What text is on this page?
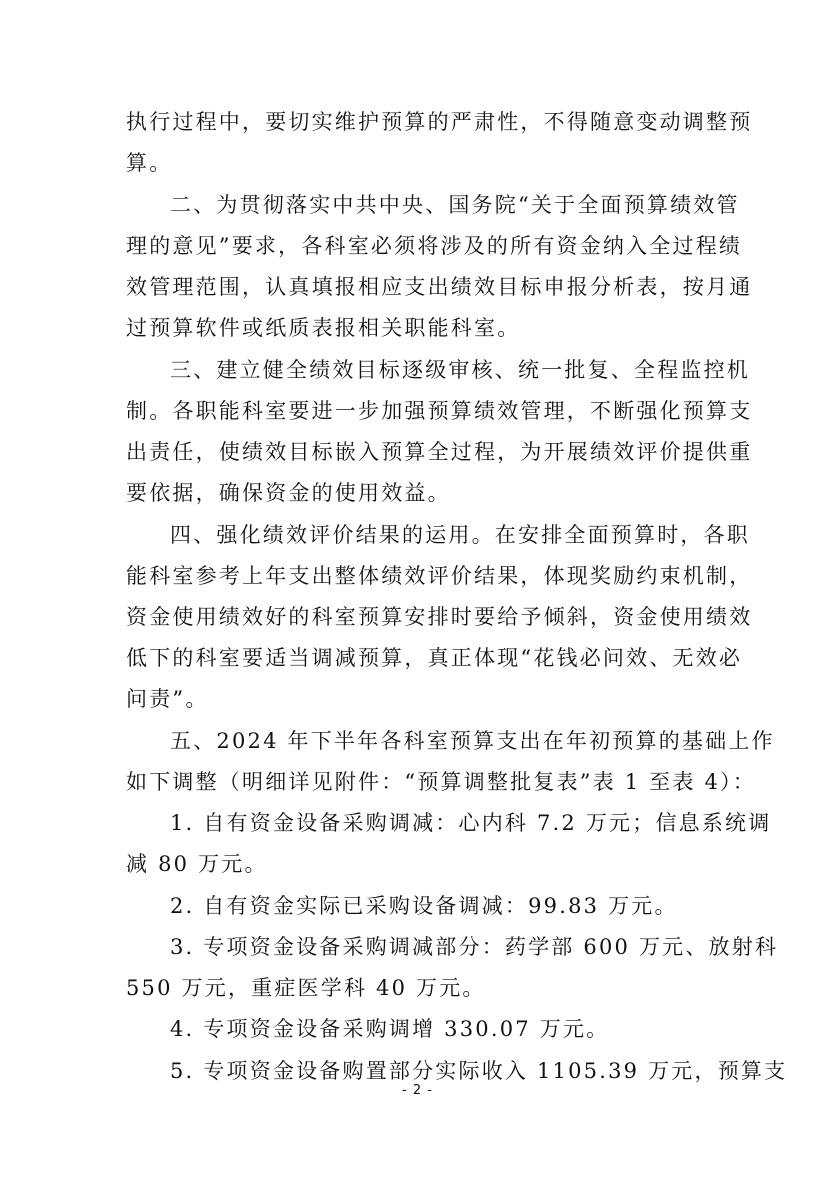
执行过程中，要切实维护预算的严肃性，不得随意变动调整预
算。
二、为贯彻落实中共中央、国务院“关于全面预算绩效管
理的意见”要求，各科室必须将涉及的所有资金纳入全过程绩
效管理范围，认真填报相应支出绩效目标申报分析表，按月通
过预算软件或纸质表报相关职能科室。
三、建立健全绩效目标逐级审核、统一批复、全程监控机
制。各职能科室要进一步加强预算绩效管理，不断强化预算支
出责任，使绩效目标嵌入预算全过程，为开展绩效评价提供重
要依据，确保资金的使用效益。
四、强化绩效评价结果的运用。在安排全面预算时，各职
能科室参考上年支出整体绩效评价结果，体现奖励约束机制，
资金使用绩效好的科室预算安排时要给予倾斜，资金使用绩效
低下的科室要适当调减预算，真正体现“花钱必问效、无效必
问责”。
五、2024 年下半年各科室预算支出在年初预算的基础上作
如下调整（明细详见附件：“预算调整批复表”表 1 至表 4）：
1. 自有资金设备采购调减：心内科 7.2 万元；信息系统调
减 80 万元。
2. 自有资金实际已采购设备调减：99.83 万元。
3. 专项资金设备采购调减部分：药学部 600 万元、放射科
550 万元，重症医学科 40 万元。
4. 专项资金设备采购调增 330.07 万元。
5. 专项资金设备购置部分实际收入 1105.39 万元，预算支
- 2 -
